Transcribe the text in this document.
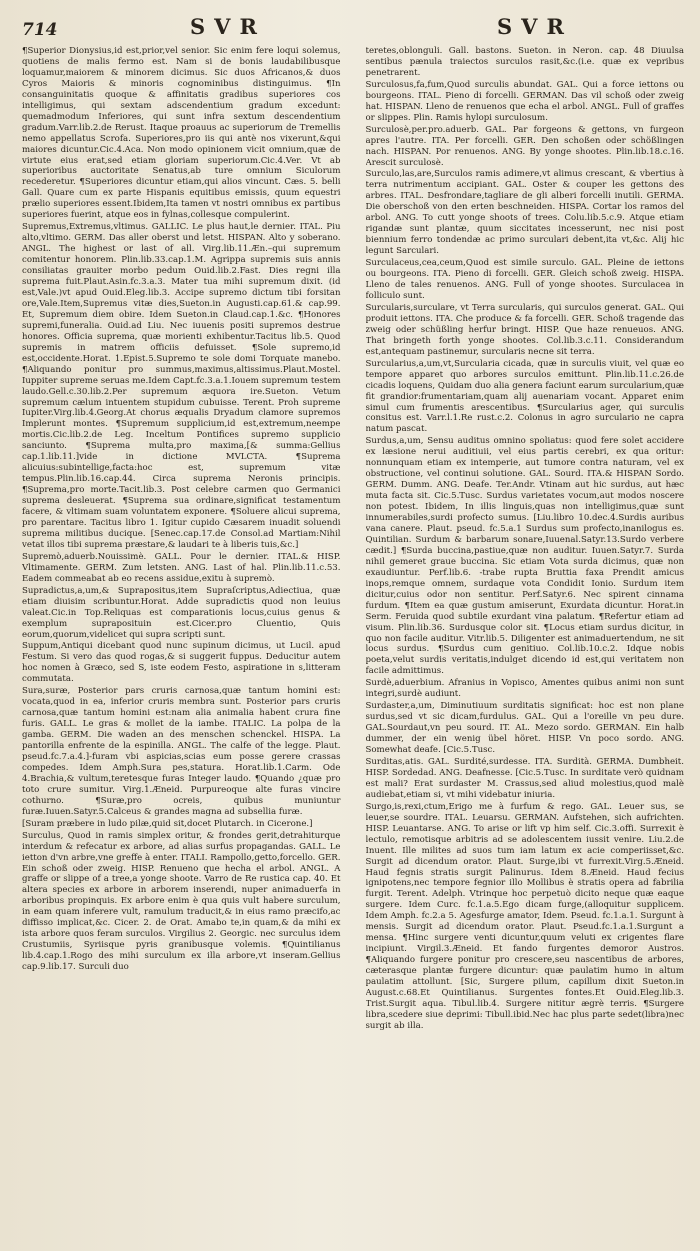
714	SVR	SVR

¶Superior Dionysius,id est,prior,vel senior. Sic enim fere loqui solemus, quotiens de malis fermo est. Nam si de bonis laudabilibusque loquamur,maiorem & minorem dicimus. Sic duos Africanos,& duos Cyros Maioris & minoris cognominibus distinguimus. ¶In consanguinitatis quoque & affinitatis gradibus superiores cos intelligimus, qui sextam adscendentium gradum excedunt: quemadmodum Inferiores, qui sunt infra sextum descendentium gradum.Varr.lib.2.de Rerust. Itaque proauus ac superiorum de Tremellis nemo appellatus Scrofa. Superiores,pro iis qui antè nos vixerunt,&qui maiores dicuntur.Cic.4.Aca. Non modo opinionem vicit omnium,quæ de virtute eius erat,sed etiam gloriam superiorum.Cic.4.Ver. Vt ab superioribus auctoritate Senatus,ab ture omnium Siculorum recederetur. ¶Superiores dicuntur etiam,qui alios vincunt. Cæs. 5. belli Gall. Quare cum ex parte Hispanis equitibus emissis, quum equestri prælio superiores essent.Ibidem,Ita tamen vt nostri omnibus ex partibus superiores fuerint, atque eos in fylnas,collesque compulerint.

Supremus,Extremus,vltimus. GALLIC. Le plus haut,le dernier. ITAL. Piu alto,vltimo. GERM. Das aller oberst und letst. HISPAN. Alto y soberano. ANGL. The highest or last of all. Virg.lib.11.Æn.–qui supremum comitentur honorem. Plin.lib.33.cap.1.M. Agrippa supremis suis annis consiliatas grauiter morbo pedum Ouid.lib.2.Fast. Dies regni illa suprema fuit.Plaut.Asin.fc.3.a.3. Mater tua mihi supremum dixit. (id est,Vale.)vt apud Ouid.Eleg.lib.3. Accipe supremo dictum tibi forsitan ore,Vale.Item,Supremus vitæ dies,Sueton.in Augusti.cap.61.& cap.99. Et, Supremum diem obire. Idem Sueton.in Claud.cap.1.&c. ¶Honores supremi,funeralia. Ouid.ad Liu. Nec iuuenis positi supremos destrue honores. Officia suprema, quæ morienti exhibentur.Tacitus lib.5. Quod supremis in matrem officiis defuisset. ¶Sole supremo,id est,occidente.Horat. 1.Epist.5.Supremo te sole domi Torquate manebo. ¶Aliquando ponitur pro summus,maximus,altissimus.Plaut.Mostel. Iuppiter supreme seruas me.Idem Capt.fc.3.a.1.Iouem supremum testem laudo.Gell.c.30.lib.2.Per supremum æquora ire.Sueton. Vetum supremum cælum intuentem stupidum cubuisse. Terent. Proh supreme Iupiter.Virg.lib.4.Georg.At chorus æqualis Dryadum clamore supremos Implerunt montes. ¶Supremum supplicium,id est,extremum,neempe mortis.Cic.lib.2.de Leg. Inceltum Pontifices supremo supplicio sanciunto. ¶Suprema multa,pro maxima,[& summa:Gellius cap.1.lib.11.]vide in dictione MVLCTA. ¶Suprema alicuius:subintellige,facta:hoc est, supremum vitæ tempus.Plin.lib.16.cap.44. Circa suprema Neronis principis. ¶Suprema,pro morte.Tacit.lib.3. Post celebre carmen quo Germanici suprema desleuerat. ¶Suprema sua ordinare,significat testamentum facere, & vltimam suam voluntatem exponere. ¶Soluere alicui suprema, pro parentare. Tacitus libro 1. Igitur cupido Cæsarem inuadit soluendi suprema militibus ducique. [Senec.cap.17.de Consol.ad Martiam:Nihil vetat illos tibi suprema præstare,& laudari te à liberis tuis,&c.]

Supremò,aduerb.Nouissimè. GALL. Pour le dernier. ITAL.& HISP. Vltimamente. GERM. Zum letsten. ANG. Last of hal. Plin.lib.11.c.53. Eadem commeabat ab eo recens assidue,exitu à supremò.

Supradictus,a,um,& Suprapositus,item Supraſcriptus,Adiectiua, quæ etiam diuisim scribuntur.Horat. Adde supradictis quod non leuius valeat.Cic.in Top.Reliquas est comparationis locus,cuius genus & exemplum supraposituin est.Cicer.pro Cluentio, Quis eorum,quorum,videlicet qui supra scripti sunt.

Suppum,Antiqui dicebant quod nunc supinum dicimus, ut Lucil. apud Festum. Si vero das quod rogas,& si suggerit fuppus. Deducitur autem hoc nomen à Græco, sed S, iste eodem Festo, aspiratione in s,litteram commutata.

Sura,suræ, Posterior pars cruris carnosa,quæ tantum homini est: vocata,quod in ea, inferior cruris membra sunt. Posterior pars cruris carnosa,quæ tantum homini est:nam alia animalia habent crura fine furis. GALL. Le gras & mollet de la iambe. ITALIC. La polpa de la gamba. GERM. Die waden an des menschen schenckel. HISPA. La pantorilla enfrente de la espinilla. ANGL. The calfe of the legge. Plaut. pseud.fc.7.a.4.]-furam vbi aspicias,scias eum posse gerere crassas compedes. Idem Amph.Sura pes,statura. Horat.lib.1.Carm. Ode 4.Brachia,& vultum,teretesque furas Integer laudo. ¶Quando ¿quæ pro toto crure sumitur. Virg.1.Æneid. Purpureoque alte furas vincire cothurno. ¶Suræ,pro ocreis, quibus muniuntur furæ.Iuuen.Satyr.5.Calceus & grandes magna ad subsellia furæ.

[Suram præbere in ludo pilæ,quid sit,docet Plutarch. in Cicerone.]

Surculus, Quod in ramis simplex oritur, & frondes gerit,detrahiturque interdum & refecatur ex arbore, ad alias surfus propagandas. GALL. Le ietton d'vn arbre,vne greffe à enter. ITALI. Rampollo,getto,forcello. GER. Ein schoß oder zweig. HISP. Renueno que hecha el arbol. ANGL. A graffe or slippe of a tree,a yonge shoote. Varro de Re rustica cap. 40. Et altera species ex arbore in arborem inserendi, nuper animaduerfa in arboribus propinquis. Ex arbore enim è qua quis vult habere surculum, in eam quam inferere vult, ramulum traducit,& in eius ramo præcifo,ac diffisso implicat,&c. Cicer. 2. de Orat. Amabo te,in quam,& da mihi ex ista arbore quos feram surculos. Virgilius 2. Georgic. nec surculus idem Crustumiis, Syriisque pyris granibusque volemis. ¶Quintilianus lib.4.cap.1.Rogo des mihi surculum ex illa arbore,vt inseram.Gellius cap.9.lib.17. Surculi duo

teretes,oblonguli. Gall. bastons. Sueton. in Neron. cap. 48 Diuulsa sentibus pænula traiectos surculos rasit,&c.(i.e. quæ ex vepribus penetrarent.

Surculosus,fa,fum,Quod surculis abundat. GAL. Qui a force iettons ou bourgeons. ITAL. Pieno di forcelli. GERMAN. Das vil schoß oder zweig hat. HISPAN. Lleno de renuenos que echa el arbol. ANGL. Full of graffes or slippes. Plin. Ramis hylopi surculosum.

Surculosè,per.pro.aduerb. GAL. Par forgeons & gettons, vn furgeon apres l'autre. ITA. Per forcelli. GER. Den schoßen oder schößlingen nach. HISPAN. Por renuenos. ANG. By yonge shootes. Plin.lib.18.c.16. Arescit surculosè.

Surculo,las,are,Surculos ramis adimere,vt alimus crescant, & vbertius à terra nutrimentum accipiant. GAL. Oster & couper les gettons des arbres. ITAL. Desfrondare,tagliare de gli alberi forcelli inutili. GERMA. Die oberschoß von den erten beschneiden. HISPA. Cortar los ramos del arbol. ANG. To cutt yonge shoots of trees. Colu.lib.5.c.9. Atque etiam rigandæ sunt plantæ, quum siccitates incesserunt, nec nisi post biennium ferro tondendæ ac primo surculari debent,ita vt,&c. Alij hic legunt Sarculari.

Surculaceus,cea,ceum,Quod est simile surculo. GAL. Pleine de iettons ou bourgeons. ITA. Pieno di forcelli. GER. Gleich schoß zweig. HISPA. Lleno de tales renuenos. ANG. Full of yonge shootes. Surculacea in folliculo sunt.

Surcularis,surculare, vt Terra surcularis, qui surculos generat. GAL. Qui produit iettons. ITA. Che produce & fa forcelli. GER. Schoß tragende das zweig oder schüßling herfur bringt. HISP. Que haze renueuos. ANG. That bringeth forth yonge shootes. Col.lib.3.c.11. Considerandum est,antequam pastinemur, surcularis necne sit terra.

Surcularius,a,um,vt,Surcularia cicada, quæ in surculis viuit, vel quæ eo tempore apparet quo arbores surculos emittunt. Plin.lib.11.c.26.de cicadis loquens, Quidam duo alia genera faciunt earum surcularium,quæ fit grandior:frumentariam,quam alij auenariam vocant. Apparet enim simul cum frumentis arescentibus. ¶Surcularius ager, qui surculis consitus est. Varr.l.1.Re rust.c.2. Colonus in agro surculario ne capra natum pascat.

Surdus,a,um, Sensu auditus omnino spoliatus: quod fere solet accidere ex læsione nerui auditiuii, vel eius partis cerebri, ex qua oritur: nonnunquam etiam ex intemperie, aut tumore contra naturam, vel ex obstructione, vel continui solutione. GAL. Sourd. ITA.& HISPAN Sordo. GERM. Dumm. ANG. Deafe. Ter.Andr. Vtinam aut hic surdus, aut hæc muta facta sit. Cic.5.Tusc. Surdus varietates vocum,aut modos noscere non potest. Ibidem, In illis linguis,quas non intelligimus,quæ sunt innumerabiles,surdi profecto sumus. [Liu.libro 10.dec.4.Surdis auribus vana canere. Plaut. pseud. fc.5.a.1 Surdus sum profecto,inanilogus es. Quintilian. Surdum & barbarum sonare,Iuuenal.Satyr.13.Surdo verbere cædit.] ¶Surda buccina,pastiue,quæ non auditur. Iuuen.Satyr.7. Surda nihil gemeret graue buccina. Sic etiam Vota surda dicimus, quæ non exaudiuntur. Perf.lib.6. -trabe rupta Bruttia faxa Prendit amicus inops,remque omnem, surdaque vota Condidit Ionio. Surdum item dicitur,cuius odor non sentitur. Perf.Satyr.6. Nec spirent cinnama furdum. ¶Item ea quæ gustum amiserunt, Exurdata dicuntur. Horat.in Serm. Feruida quod subtile exurdant vina palatum. ¶Refertur etiam ad visum. Plin.lib.36. Surdusque color sit. ¶Locus etiam surdus dicitur, in quo non facile auditur. Vitr.lib.5. Diligenter est animaduertendum, ne sit locus surdus. ¶Surdus cum genitiuo. Col.lib.10.c.2. Idque nobis poeta,velut surdis veritatis,indulget dicendo id est,qui veritatem non facile admittimus.

Surdè,aduerbium. Afranius in Vopisco, Amentes quibus animi non sunt integri,surdè audiunt.

Surdaster,a,um, Diminutiuum surditatis significat: hoc est non plane surdus,sed vt sic dicam,furdulus. GAL. Qui a l'oreille vn peu dure. GAL.Sourdaut,vn peu sourd. IT. AL. Mezo sordo. GERMAN. Ein halb dummer, der ein wenig übel höret. HISP. Vn poco sordo. ANG. Somewhat deafe. [Cic.5.Tusc.

Surditas,atis. GAL. Surdité,surdesse. ITA. Surdità. GERMA. Dumbheit. HISP. Sordedad. ANG. Deafnesse. [Cic.5.Tusc. In surditate verò quidnam est mali? Erat surdaster M. Crassus,sed aliud molestius,quod malè audiebat,etiam si, vt mihi videbatur iniuria.

Surgo,is,rexi,ctum,Erigo me à furfum & rego. GAL. Leuer sus, se leuer,se sourdre. ITAL. Leuarsu. GERMAN. Aufstehen, sich aufrichten. HISP. Leuantarse. ANG. To arise or lift vp him self. Cic.3.offi. Surrexit è lectulo, remotisque arbitris ad se adolescentem iussit venire. Liu.2.de Inuent. Ille milites ad suos tum iam latum ex acie comperiisset,&c. Surgit ad dicendum orator. Plaut. Surge,ibi vt furrexit.Virg.5.Æneid. Haud fegnis stratis surgit Palinurus. Idem 8.Æneid. Haud fecius ignipotens,nec tempore fegnior illo Mollibus è stratis opera ad fabrilia furgit. Terent. Adelph. Vtrinque hoc perpetuò dicito neque quæ eaque surgere. Idem Curc. fc.1.a.5.Ego dicam furge,(alloquitur supplicem. Idem Amph. fc.2.a 5. Agesfurge amator, Idem. Pseud. fc.1.a.1. Surgunt à mensis. Surgit ad dicendum orator. Plaut. Pseud.fc.1.a.1.Surgunt a mensa. ¶Hinc surgere venti dicuntur,quum veluti ex crigentes flare incipiunt. Virgil.3.Æneid. Et fando furgentes demoror Austros. ¶Aliquando furgere ponitur pro crescere,seu nascentibus de arbores, cæterasque plantæ furgere dicuntur: quæ paulatim humo in altum paulatim attollunt. [Sic, Surgere pilum, capillum dixit Sueton.in August.c.68.Et Quintilianus. Surgentes fontes.Et Ouid.Eleg.lib.3. Trist.Surgit aqua. Tibul.lib.4. Surgere nititur ægrè terris. ¶Surgere libra,scedere siue deprimi: Tibull.ibid.Nec hac plus parte sedet(libra)nec surgit ab illa.
